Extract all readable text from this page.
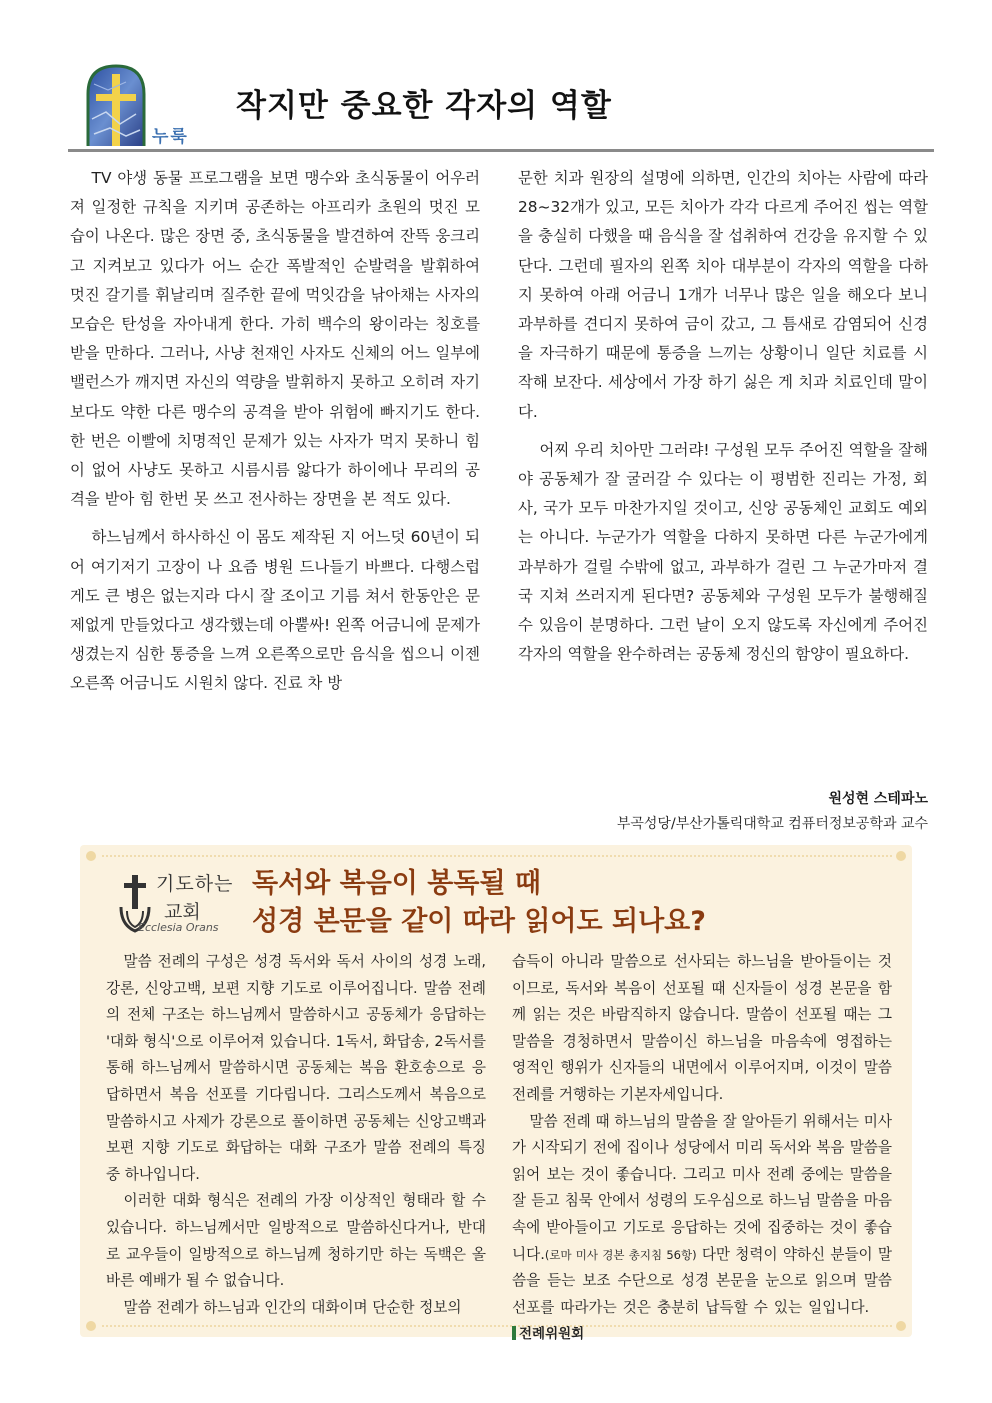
누룩
작지만 중요한 각자의 역할

TV 야생 동물 프로그램을 보면 맹수와 초식동물이 어우러져 일정한 규칙을 지키며 공존하는 아프리카 초원의 멋진 모습이 나온다. 많은 장면 중, 초식동물을 발견하여 잔뜩 웅크리고 지켜보고 있다가 어느 순간 폭발적인 순발력을 발휘하여 멋진 갈기를 휘날리며 질주한 끝에 먹잇감을 낚아채는 사자의 모습은 탄성을 자아내게 한다. 가히 백수의 왕이라는 칭호를 받을 만하다. 그러나, 사냥 천재인 사자도 신체의 어느 일부에 밸런스가 깨지면 자신의 역량을 발휘하지 못하고 오히려 자기보다도 약한 다른 맹수의 공격을 받아 위험에 빠지기도 한다. 한 번은 이빨에 치명적인 문제가 있는 사자가 먹지 못하니 힘이 없어 사냥도 못하고 시름시름 앓다가 하이에나 무리의 공격을 받아 힘 한번 못 쓰고 전사하는 장면을 본 적도 있다.

하느님께서 하사하신 이 몸도 제작된 지 어느덧 60년이 되어 여기저기 고장이 나 요즘 병원 드나들기 바쁘다. 다행스럽게도 큰 병은 없는지라 다시 잘 조이고 기름 쳐서 한동안은 문제없게 만들었다고 생각했는데 아뿔싸! 왼쪽 어금니에 문제가 생겼는지 심한 통증을 느껴 오른쪽으로만 음식을 씹으니 이젠 오른쪽 어금니도 시원치 않다. 진료 차 방

문한 치과 원장의 설명에 의하면, 인간의 치아는 사람에 따라 28~32개가 있고, 모든 치아가 각각 다르게 주어진 씹는 역할을 충실히 다했을 때 음식을 잘 섭취하여 건강을 유지할 수 있단다. 그런데 필자의 왼쪽 치아 대부분이 각자의 역할을 다하지 못하여 아래 어금니 1개가 너무나 많은 일을 해오다 보니 과부하를 견디지 못하여 금이 갔고, 그 틈새로 감염되어 신경을 자극하기 때문에 통증을 느끼는 상황이니 일단 치료를 시작해 보잔다. 세상에서 가장 하기 싫은 게 치과 치료인데 말이다.

어찌 우리 치아만 그러랴! 구성원 모두 주어진 역할을 잘해야 공동체가 잘 굴러갈 수 있다는 이 평범한 진리는 가정, 회사, 국가 모두 마찬가지일 것이고, 신앙 공동체인 교회도 예외는 아니다. 누군가가 역할을 다하지 못하면 다른 누군가에게 과부하가 걸릴 수밖에 없고, 과부하가 걸린 그 누군가마저 결국 지쳐 쓰러지게 된다면? 공동체와 구성원 모두가 불행해질 수 있음이 분명하다. 그런 날이 오지 않도록 자신에게 주어진 각자의 역할을 완수하려는 공동체 정신의 함양이 필요하다.

원성현 스테파노
부곡성당/부산가톨릭대학교 컴퓨터정보공학과 교수
기도하는
교회
Ecclesia Orans
독서와 복음이 봉독될 때
성경 본문을 같이 따라 읽어도 되나요?

말씀 전례의 구성은 성경 독서와 독서 사이의 성경 노래, 강론, 신앙고백, 보편 지향 기도로 이루어집니다. 말씀 전례의 전체 구조는 하느님께서 말씀하시고 공동체가 응답하는 '대화 형식'으로 이루어져 있습니다. 1독서, 화답송, 2독서를 통해 하느님께서 말씀하시면 공동체는 복음 환호송으로 응답하면서 복음 선포를 기다립니다. 그리스도께서 복음으로 말씀하시고 사제가 강론으로 풀이하면 공동체는 신앙고백과 보편 지향 기도로 화답하는 대화 구조가 말씀 전례의 특징 중 하나입니다.

이러한 대화 형식은 전례의 가장 이상적인 형태라 할 수 있습니다. 하느님께서만 일방적으로 말씀하신다거나, 반대로 교우들이 일방적으로 하느님께 청하기만 하는 독백은 올바른 예배가 될 수 없습니다.

말씀 전례가 하느님과 인간의 대화이며 단순한 정보의

습득이 아니라 말씀으로 선사되는 하느님을 받아들이는 것이므로, 독서와 복음이 선포될 때 신자들이 성경 본문을 함께 읽는 것은 바람직하지 않습니다. 말씀이 선포될 때는 그 말씀을 경청하면서 말씀이신 하느님을 마음속에 영접하는 영적인 행위가 신자들의 내면에서 이루어지며, 이것이 말씀 전례를 거행하는 기본자세입니다.

말씀 전례 때 하느님의 말씀을 잘 알아듣기 위해서는 미사가 시작되기 전에 집이나 성당에서 미리 독서와 복음 말씀을 읽어 보는 것이 좋습니다. 그리고 미사 전례 중에는 말씀을 잘 듣고 침묵 안에서 성령의 도우심으로 하느님 말씀을 마음속에 받아들이고 기도로 응답하는 것에 집중하는 것이 좋습니다.(로마 미사 경본 총지침 56항) 다만 청력이 약하신 분들이 말씀을 듣는 보조 수단으로 성경 본문을 눈으로 읽으며 말씀 선포를 따라가는 것은 충분히 납득할 수 있는 일입니다.    전례위원회
